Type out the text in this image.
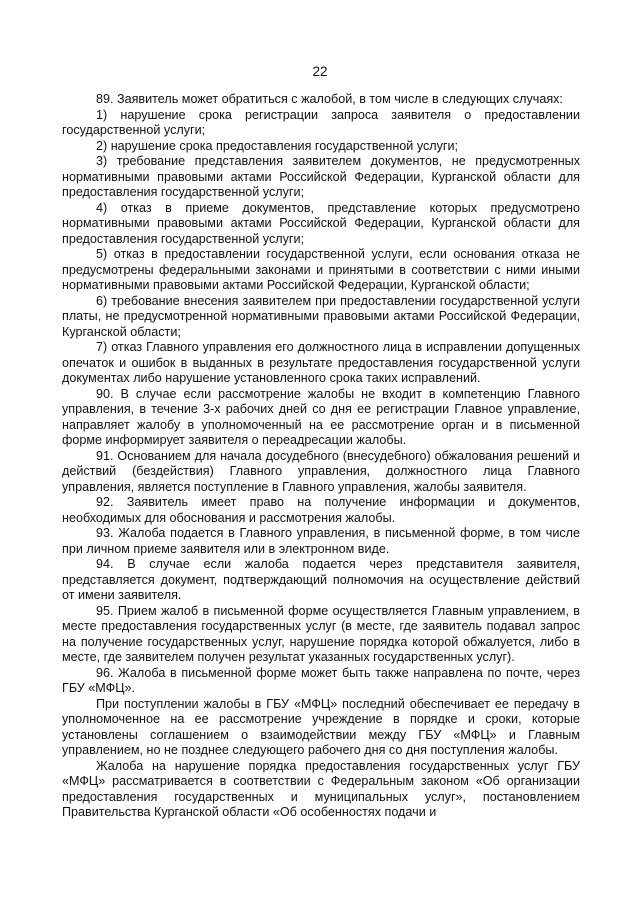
22

89. Заявитель может обратиться с жалобой, в том числе в следующих случаях:

1) нарушение срока регистрации запроса заявителя о предоставлении государственной услуги;

2) нарушение срока предоставления государственной услуги;

3) требование представления заявителем документов, не предусмотренных нормативными правовыми актами Российской Федерации, Курганской области для предоставления государственной услуги;

4) отказ в приеме документов, представление которых предусмотрено нормативными правовыми актами Российской Федерации, Курганской области для предоставления государственной услуги;

5) отказ в предоставлении государственной услуги, если основания отказа не предусмотрены федеральными законами и принятыми в соответствии с ними иными нормативными правовыми актами Российской Федерации, Курганской области;

6) требование внесения заявителем при предоставлении государственной услуги платы, не предусмотренной нормативными правовыми актами Российской Федерации, Курганской области;

7) отказ Главного управления его должностного лица в исправлении допущенных опечаток и ошибок в выданных в результате предоставления государственной услуги документах либо нарушение установленного срока таких исправлений.

90. В случае если рассмотрение жалобы не входит в компетенцию Главного управления, в течение 3-х рабочих дней со дня ее регистрации Главное управление, направляет жалобу в уполномоченный на ее рассмотрение орган и в письменной форме информирует заявителя о переадресации жалобы.

91. Основанием для начала досудебного (внесудебного) обжалования решений и действий (бездействия) Главного управления, должностного лица Главного управления, является поступление в Главного управления, жалобы заявителя.

92. Заявитель имеет право на получение информации и документов, необходимых для обоснования и рассмотрения жалобы.

93. Жалоба подается в Главного управления, в письменной форме, в том числе при личном приеме заявителя или в электронном виде.

94. В случае если жалоба подается через представителя заявителя, представляется документ, подтверждающий полномочия на осуществление действий от имени заявителя.

95. Прием жалоб в письменной форме осуществляется Главным управлением, в месте предоставления государственных услуг (в месте, где заявитель подавал запрос на получение государственных услуг, нарушение порядка которой обжалуется, либо в месте, где заявителем получен результат указанных государственных услуг).

96. Жалоба в письменной форме может быть также направлена по почте, через ГБУ «МФЦ».

При поступлении жалобы в ГБУ «МФЦ» последний обеспечивает ее передачу в уполномоченное на ее рассмотрение учреждение в порядке и сроки, которые установлены соглашением о взаимодействии между ГБУ «МФЦ» и Главным управлением, но не позднее следующего рабочего дня со дня поступления жалобы.

Жалоба на нарушение порядка предоставления государственных услуг ГБУ «МФЦ» рассматривается в соответствии с Федеральным законом «Об организации предоставления государственных и муниципальных услуг», постановлением Правительства Курганской области «Об особенностях подачи и
